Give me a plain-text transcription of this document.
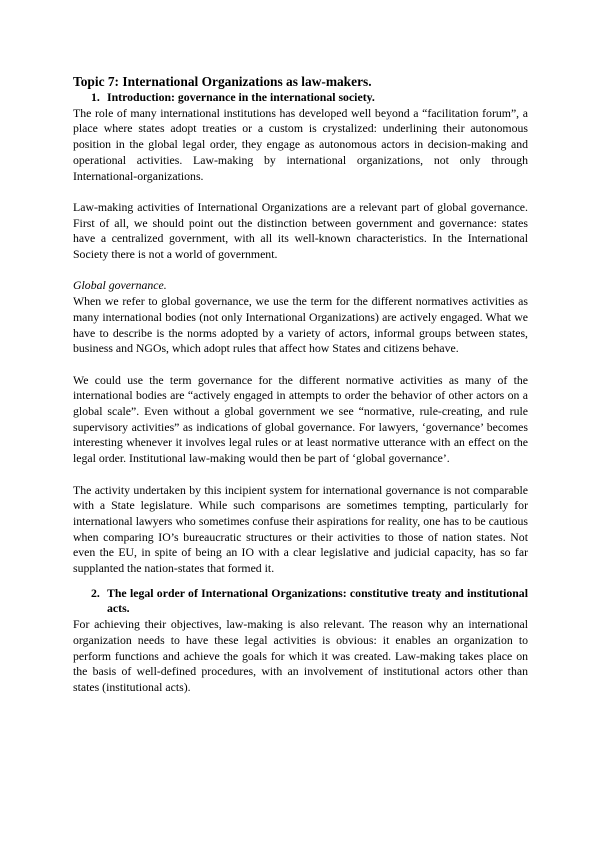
Topic 7: International Organizations as law-makers.
1. Introduction: governance in the international society.

The role of many international institutions has developed well beyond a “facilitation forum”, a place where states adopt treaties or a custom is crystalized: underlining their autonomous position in the global legal order, they engage as autonomous actors in decision-making and operational activities. Law-making by international organizations, not only through International-organizations.

Law-making activities of International Organizations are a relevant part of global governance. First of all, we should point out the distinction between government and governance: states have a centralized government, with all its well-known characteristics. In the International Society there is not a world of government.

Global governance.

When we refer to global governance, we use the term for the different normatives activities as many international bodies (not only International Organizations) are actively engaged. What we have to describe is the norms adopted by a variety of actors, informal groups between states, business and NGOs, which adopt rules that affect how States and citizens behave.

We could use the term governance for the different normative activities as many of the international bodies are “actively engaged in attempts to order the behavior of other actors on a global scale”. Even without a global government we see “normative, rule-creating, and rule supervisory activities” as indications of global governance. For lawyers, ‘governance’ becomes interesting whenever it involves legal rules or at least normative utterance with an effect on the legal order. Institutional law-making would then be part of ‘global governance’.

The activity undertaken by this incipient system for international governance is not comparable with a State legislature. While such comparisons are sometimes tempting, particularly for international lawyers who sometimes confuse their aspirations for reality, one has to be cautious when comparing IO’s bureaucratic structures or their activities to those of nation states. Not even the EU, in spite of being an IO with a clear legislative and judicial capacity, has so far supplanted the nation-states that formed it.

2. The legal order of International Organizations: constitutive treaty and institutional acts.

For achieving their objectives, law-making is also relevant. The reason why an international organization needs to have these legal activities is obvious: it enables an organization to perform functions and achieve the goals for which it was created. Law-making takes place on the basis of well-defined procedures, with an involvement of institutional actors other than states (institutional acts).
